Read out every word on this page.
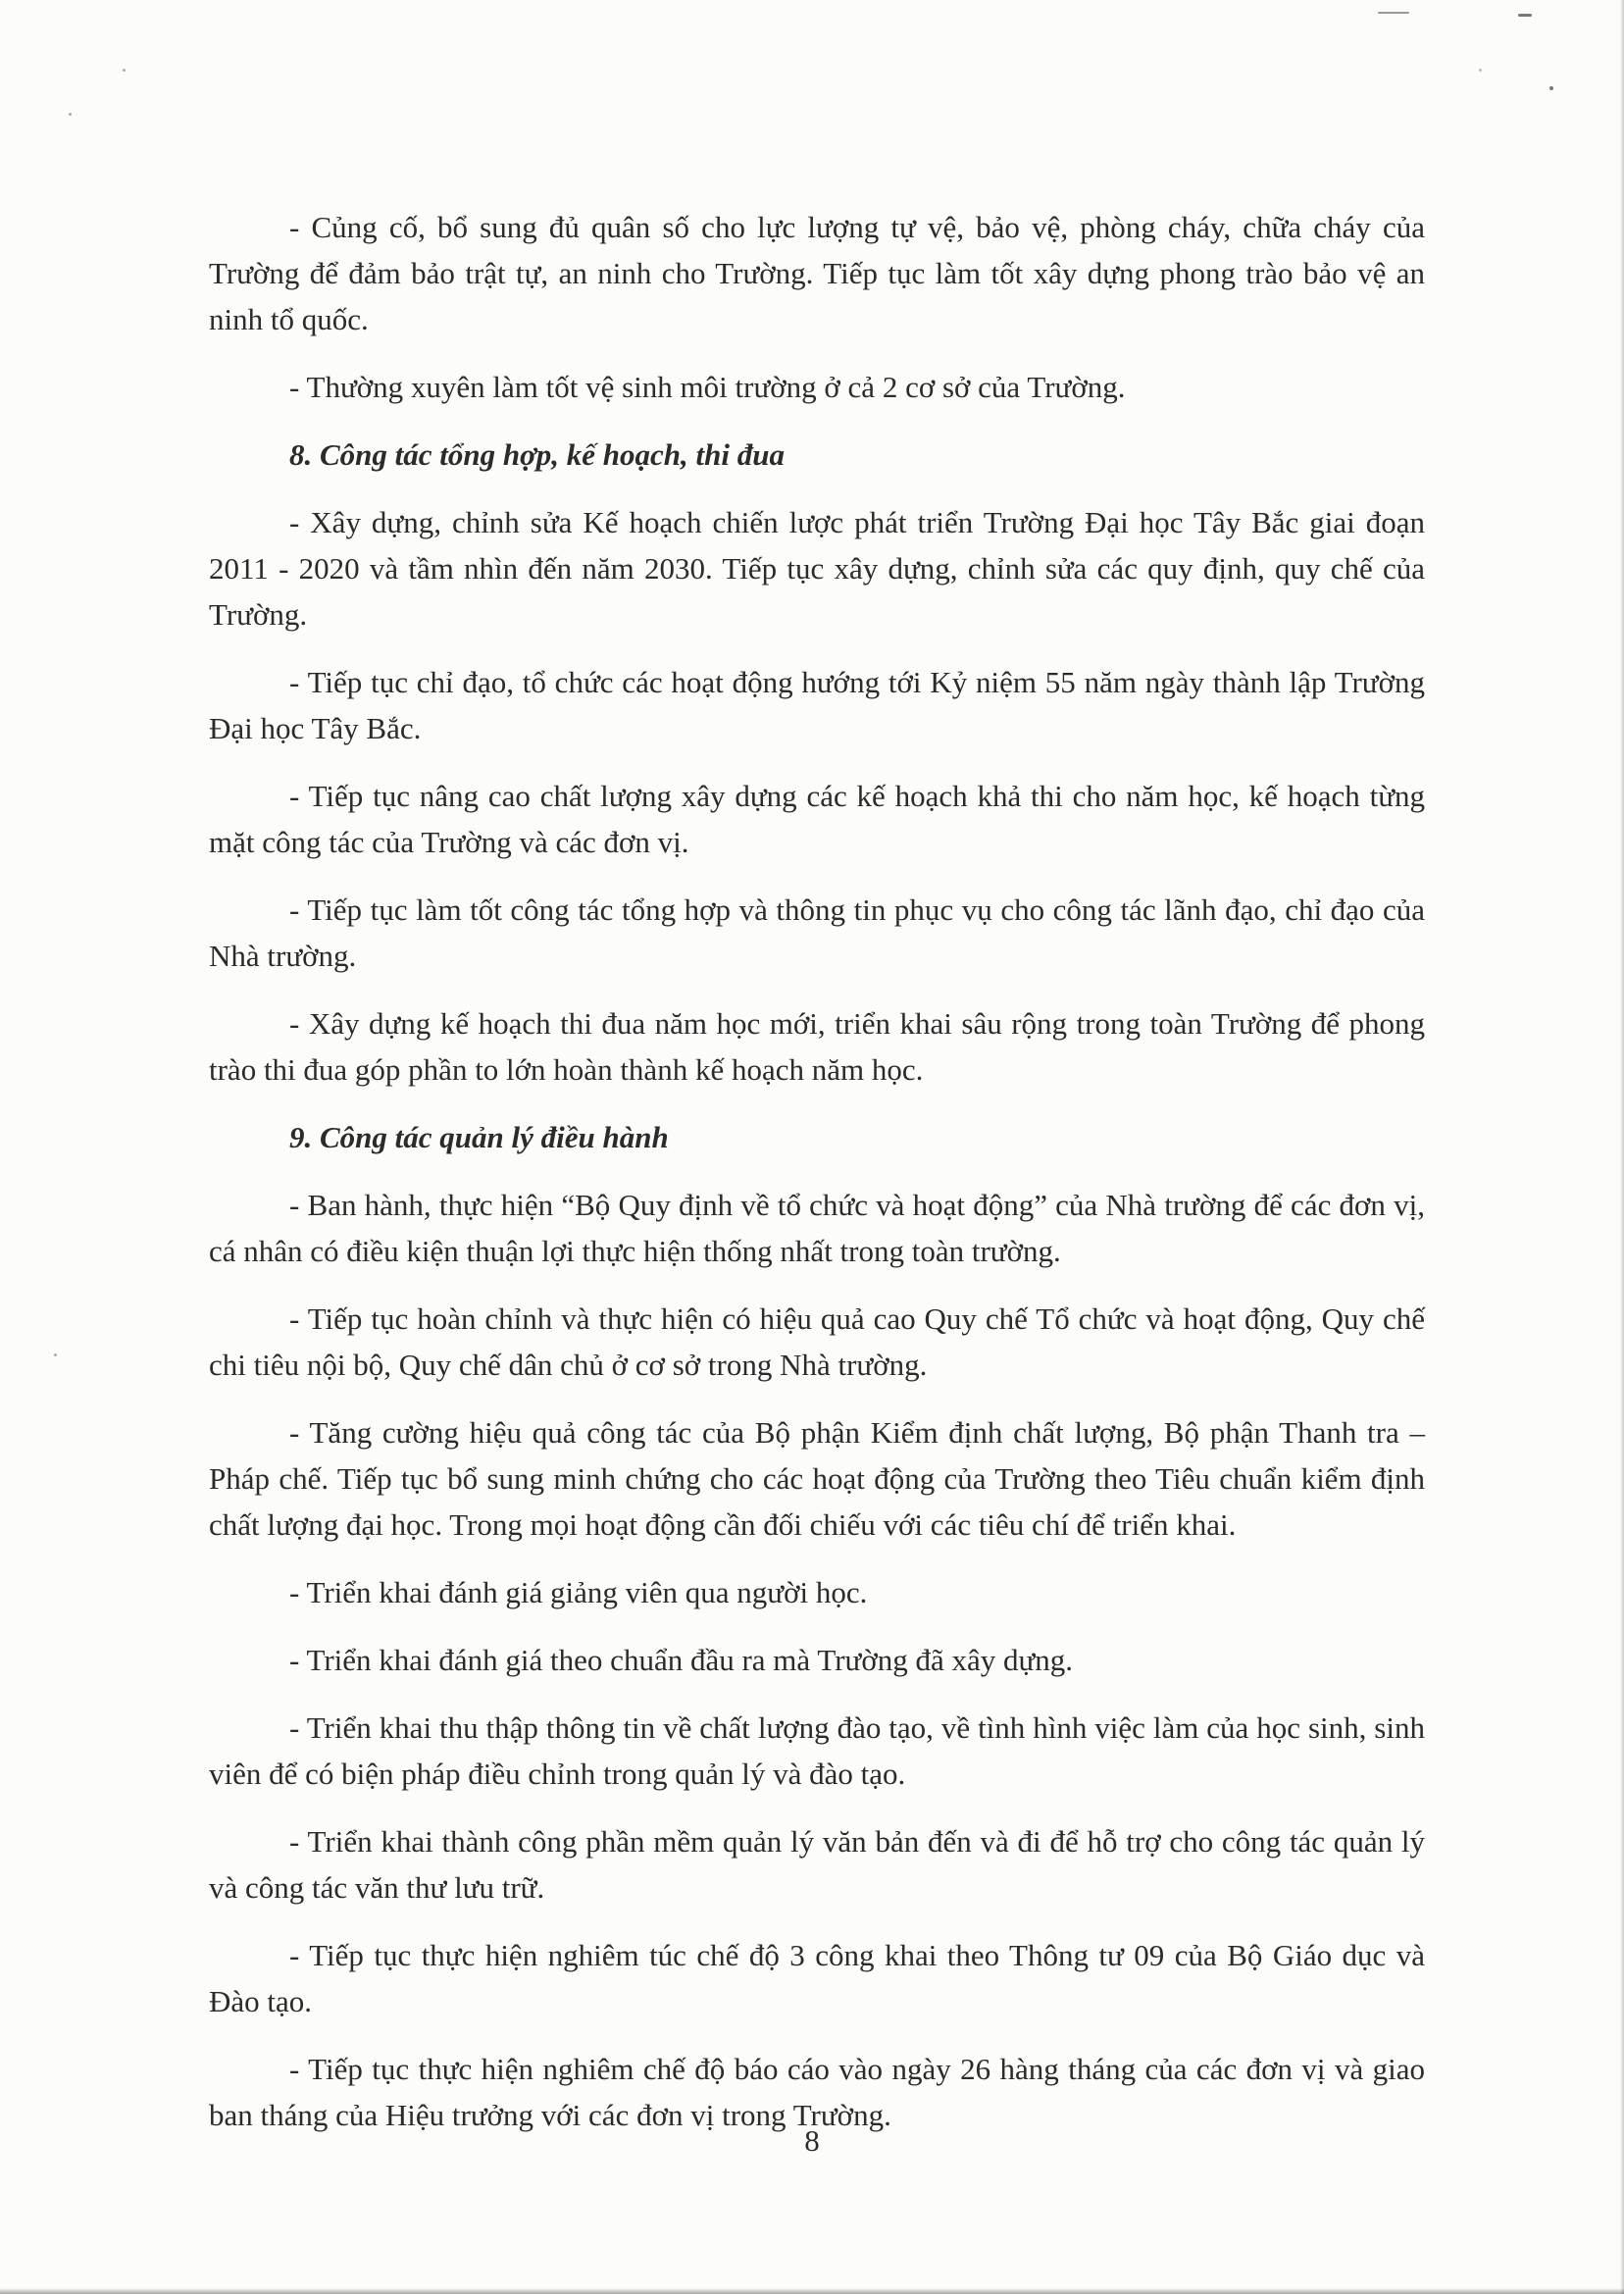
- Củng cố, bổ sung đủ quân số cho lực lượng tự vệ, bảo vệ, phòng cháy, chữa cháy của Trường để đảm bảo trật tự, an ninh cho Trường. Tiếp tục làm tốt xây dựng phong trào bảo vệ an ninh tổ quốc.

- Thường xuyên làm tốt vệ sinh môi trường ở cả 2 cơ sở của Trường.

8. Công tác tổng hợp, kế hoạch, thi đua

- Xây dựng, chỉnh sửa Kế hoạch chiến lược phát triển Trường Đại học Tây Bắc giai đoạn 2011 - 2020 và tầm nhìn đến năm 2030. Tiếp tục xây dựng, chỉnh sửa các quy định, quy chế của Trường.

- Tiếp tục chỉ đạo, tổ chức các hoạt động hướng tới Kỷ niệm 55 năm ngày thành lập Trường Đại học Tây Bắc.

- Tiếp tục nâng cao chất lượng xây dựng các kế hoạch khả thi cho năm học, kế hoạch từng mặt công tác của Trường và các đơn vị.

- Tiếp tục làm tốt công tác tổng hợp và thông tin phục vụ cho công tác lãnh đạo, chỉ đạo của Nhà trường.

- Xây dựng kế hoạch thi đua năm học mới, triển khai sâu rộng trong toàn Trường để phong trào thi đua góp phần to lớn hoàn thành kế hoạch năm học.

9. Công tác quản lý điều hành

- Ban hành, thực hiện “Bộ Quy định về tổ chức và hoạt động” của Nhà trường để các đơn vị, cá nhân có điều kiện thuận lợi thực hiện thống nhất trong toàn trường.

- Tiếp tục hoàn chỉnh và thực hiện có hiệu quả cao Quy chế Tổ chức và hoạt động, Quy chế chi tiêu nội bộ, Quy chế dân chủ ở cơ sở trong Nhà trường.

- Tăng cường hiệu quả công tác của Bộ phận Kiểm định chất lượng, Bộ phận Thanh tra – Pháp chế. Tiếp tục bổ sung minh chứng cho các hoạt động của Trường theo Tiêu chuẩn kiểm định chất lượng đại học. Trong mọi hoạt động cần đối chiếu với các tiêu chí để triển khai.

- Triển khai đánh giá giảng viên qua người học.

- Triển khai đánh giá theo chuẩn đầu ra mà Trường đã xây dựng.

- Triển khai thu thập thông tin về chất lượng đào tạo, về tình hình việc làm của học sinh, sinh viên để có biện pháp điều chỉnh trong quản lý và đào tạo.

- Triển khai thành công phần mềm quản lý văn bản đến và đi để hỗ trợ cho công tác quản lý và công tác văn thư lưu trữ.

- Tiếp tục thực hiện nghiêm túc chế độ 3 công khai theo Thông tư 09 của Bộ Giáo dục và Đào tạo.

- Tiếp tục thực hiện nghiêm chế độ báo cáo vào ngày 26 hàng tháng của các đơn vị và giao ban tháng của Hiệu trưởng với các đơn vị trong Trường.

8
